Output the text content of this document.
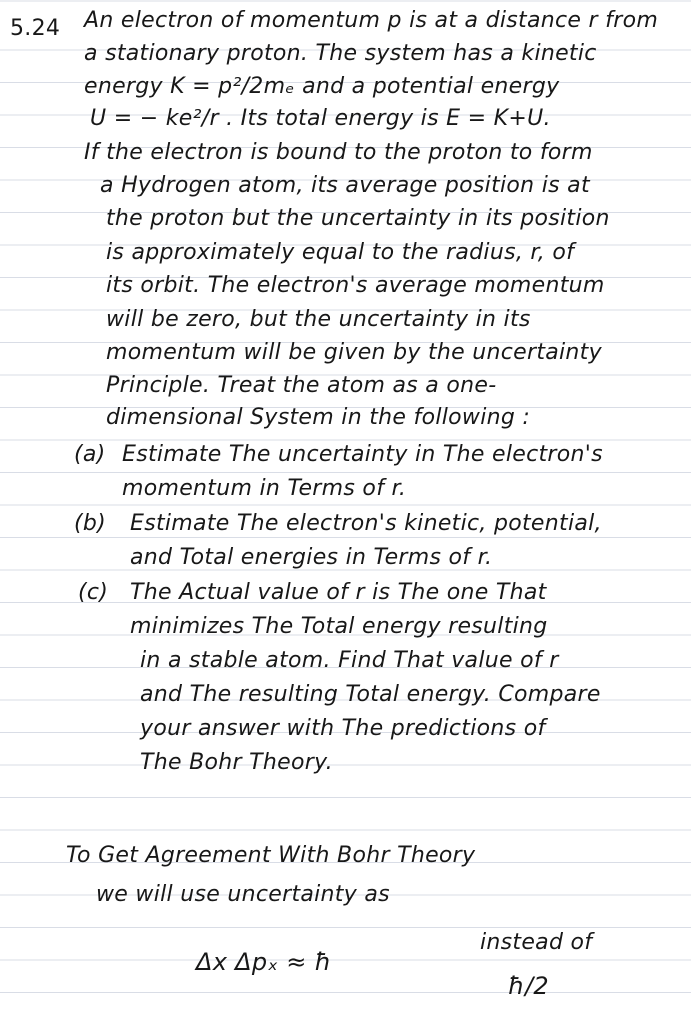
5.24 An electron of momentum p is at a distance r from
a stationary proton. The system has a kinetic
energy K = p²/2mₑ and a potential energy
U = − ke²/r . Its total energy is E = K+U.
If the electron is bound to the proton to form
a Hydrogen atom, its average position is at
the proton but the uncertainty in its position
is approximately equal to the radius, r, of
its orbit. The electron's average momentum
will be zero, but the uncertainty in its
momentum will be given by the uncertainty
Principle. Treat the atom as a one-
dimensional System in the following :
(a) Estimate The uncertainty in The electron's
momentum in Terms of r.
(b) Estimate The electron's kinetic, potential,
and Total energies in Terms of r.
(c) The Actual value of r is The one That
minimizes The Total energy resulting
in a stable atom. Find That value of r
and The resulting Total energy. Compare
your answer with The predictions of
The Bohr Theory.
To Get Agreement With Bohr Theory
we will use uncertainty as
Δx Δpₓ ≈ ħ
instead of
ħ/2
